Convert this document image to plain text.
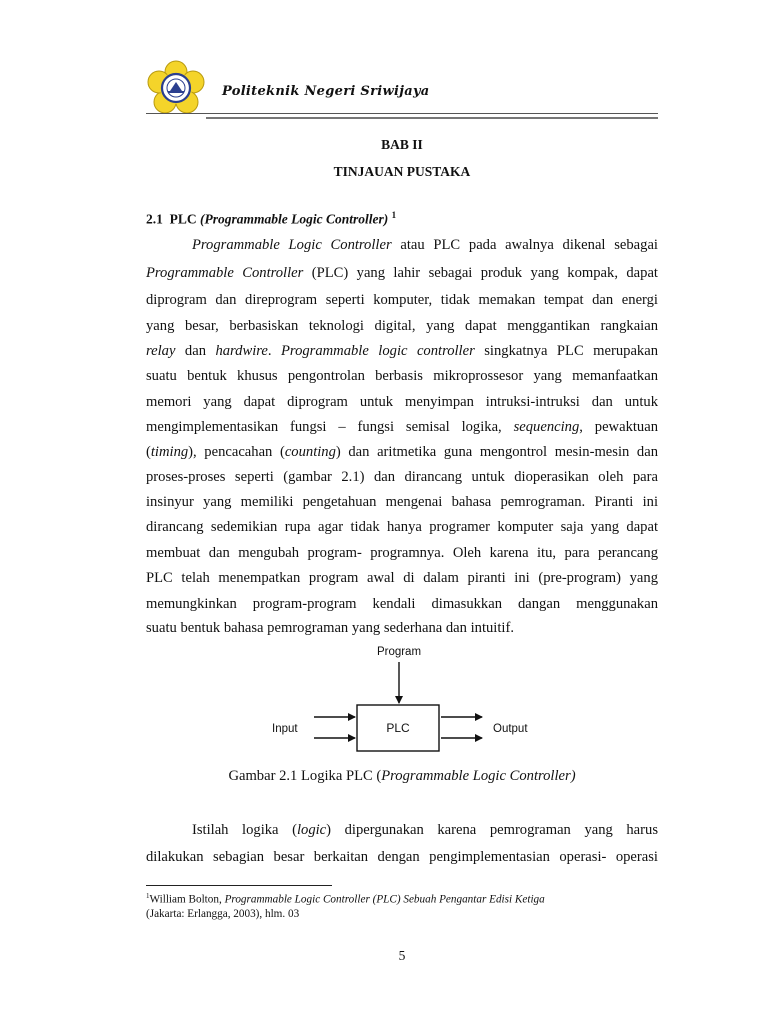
Politeknik Negeri Sriwijaya
BAB II
TINJAUAN PUSTAKA
2.1 PLC (Programmable Logic Controller) $^1$
Programmable Logic Controller atau PLC pada awalnya dikenal sebagai
Programmable Controller (PLC) yang lahir sebagai produk yang kompak, dapat
diprogram dan direprogram seperti komputer, tidak memakan tempat dan energi
yang besar, berbasiskan teknologi digital, yang dapat menggantikan rangkaian
relay dan hardwire. Programmable logic controller singkatnya PLC merupakan
suatu bentuk khusus pengontrolan berbasis mikroprossesor yang memanfaatkan
memori yang dapat diprogram untuk menyimpan intruksi-intruksi dan untuk
mengimplementasikan fungsi – fungsi semisal logika, sequencing, pewaktuan
(timing), pencacahan (counting) dan aritmetika guna mengontrol mesin-mesin dan
proses-proses seperti (gambar 2.1) dan dirancang untuk dioperasikan oleh para
insinyur yang memiliki pengetahuan mengenai bahasa pemrograman. Piranti ini
dirancang sedemikian rupa agar tidak hanya programer komputer saja yang dapat
membuat dan mengubah program- programnya. Oleh karena itu, para perancang
PLC telah menempatkan program awal di dalam piranti ini (pre-program) yang
memungkinkan program-program kendali dimasukkan dangan menggunakan
suatu bentuk bahasa pemrograman yang sederhana dan intuitif.
Program
PLC
Input	Output
Gambar 2.1 Logika PLC (Programmable Logic Controller)
Istilah logika (logic) dipergunakan karena pemrograman yang harus
dilakukan sebagian besar berkaitan dengan pengimplementasian operasi- operasi
$^1$William Bolton, Programmable Logic Controller (PLC) Sebuah Pengantar Edisi Ketiga
(Jakarta: Erlangga, 2003), hlm. 03
5
